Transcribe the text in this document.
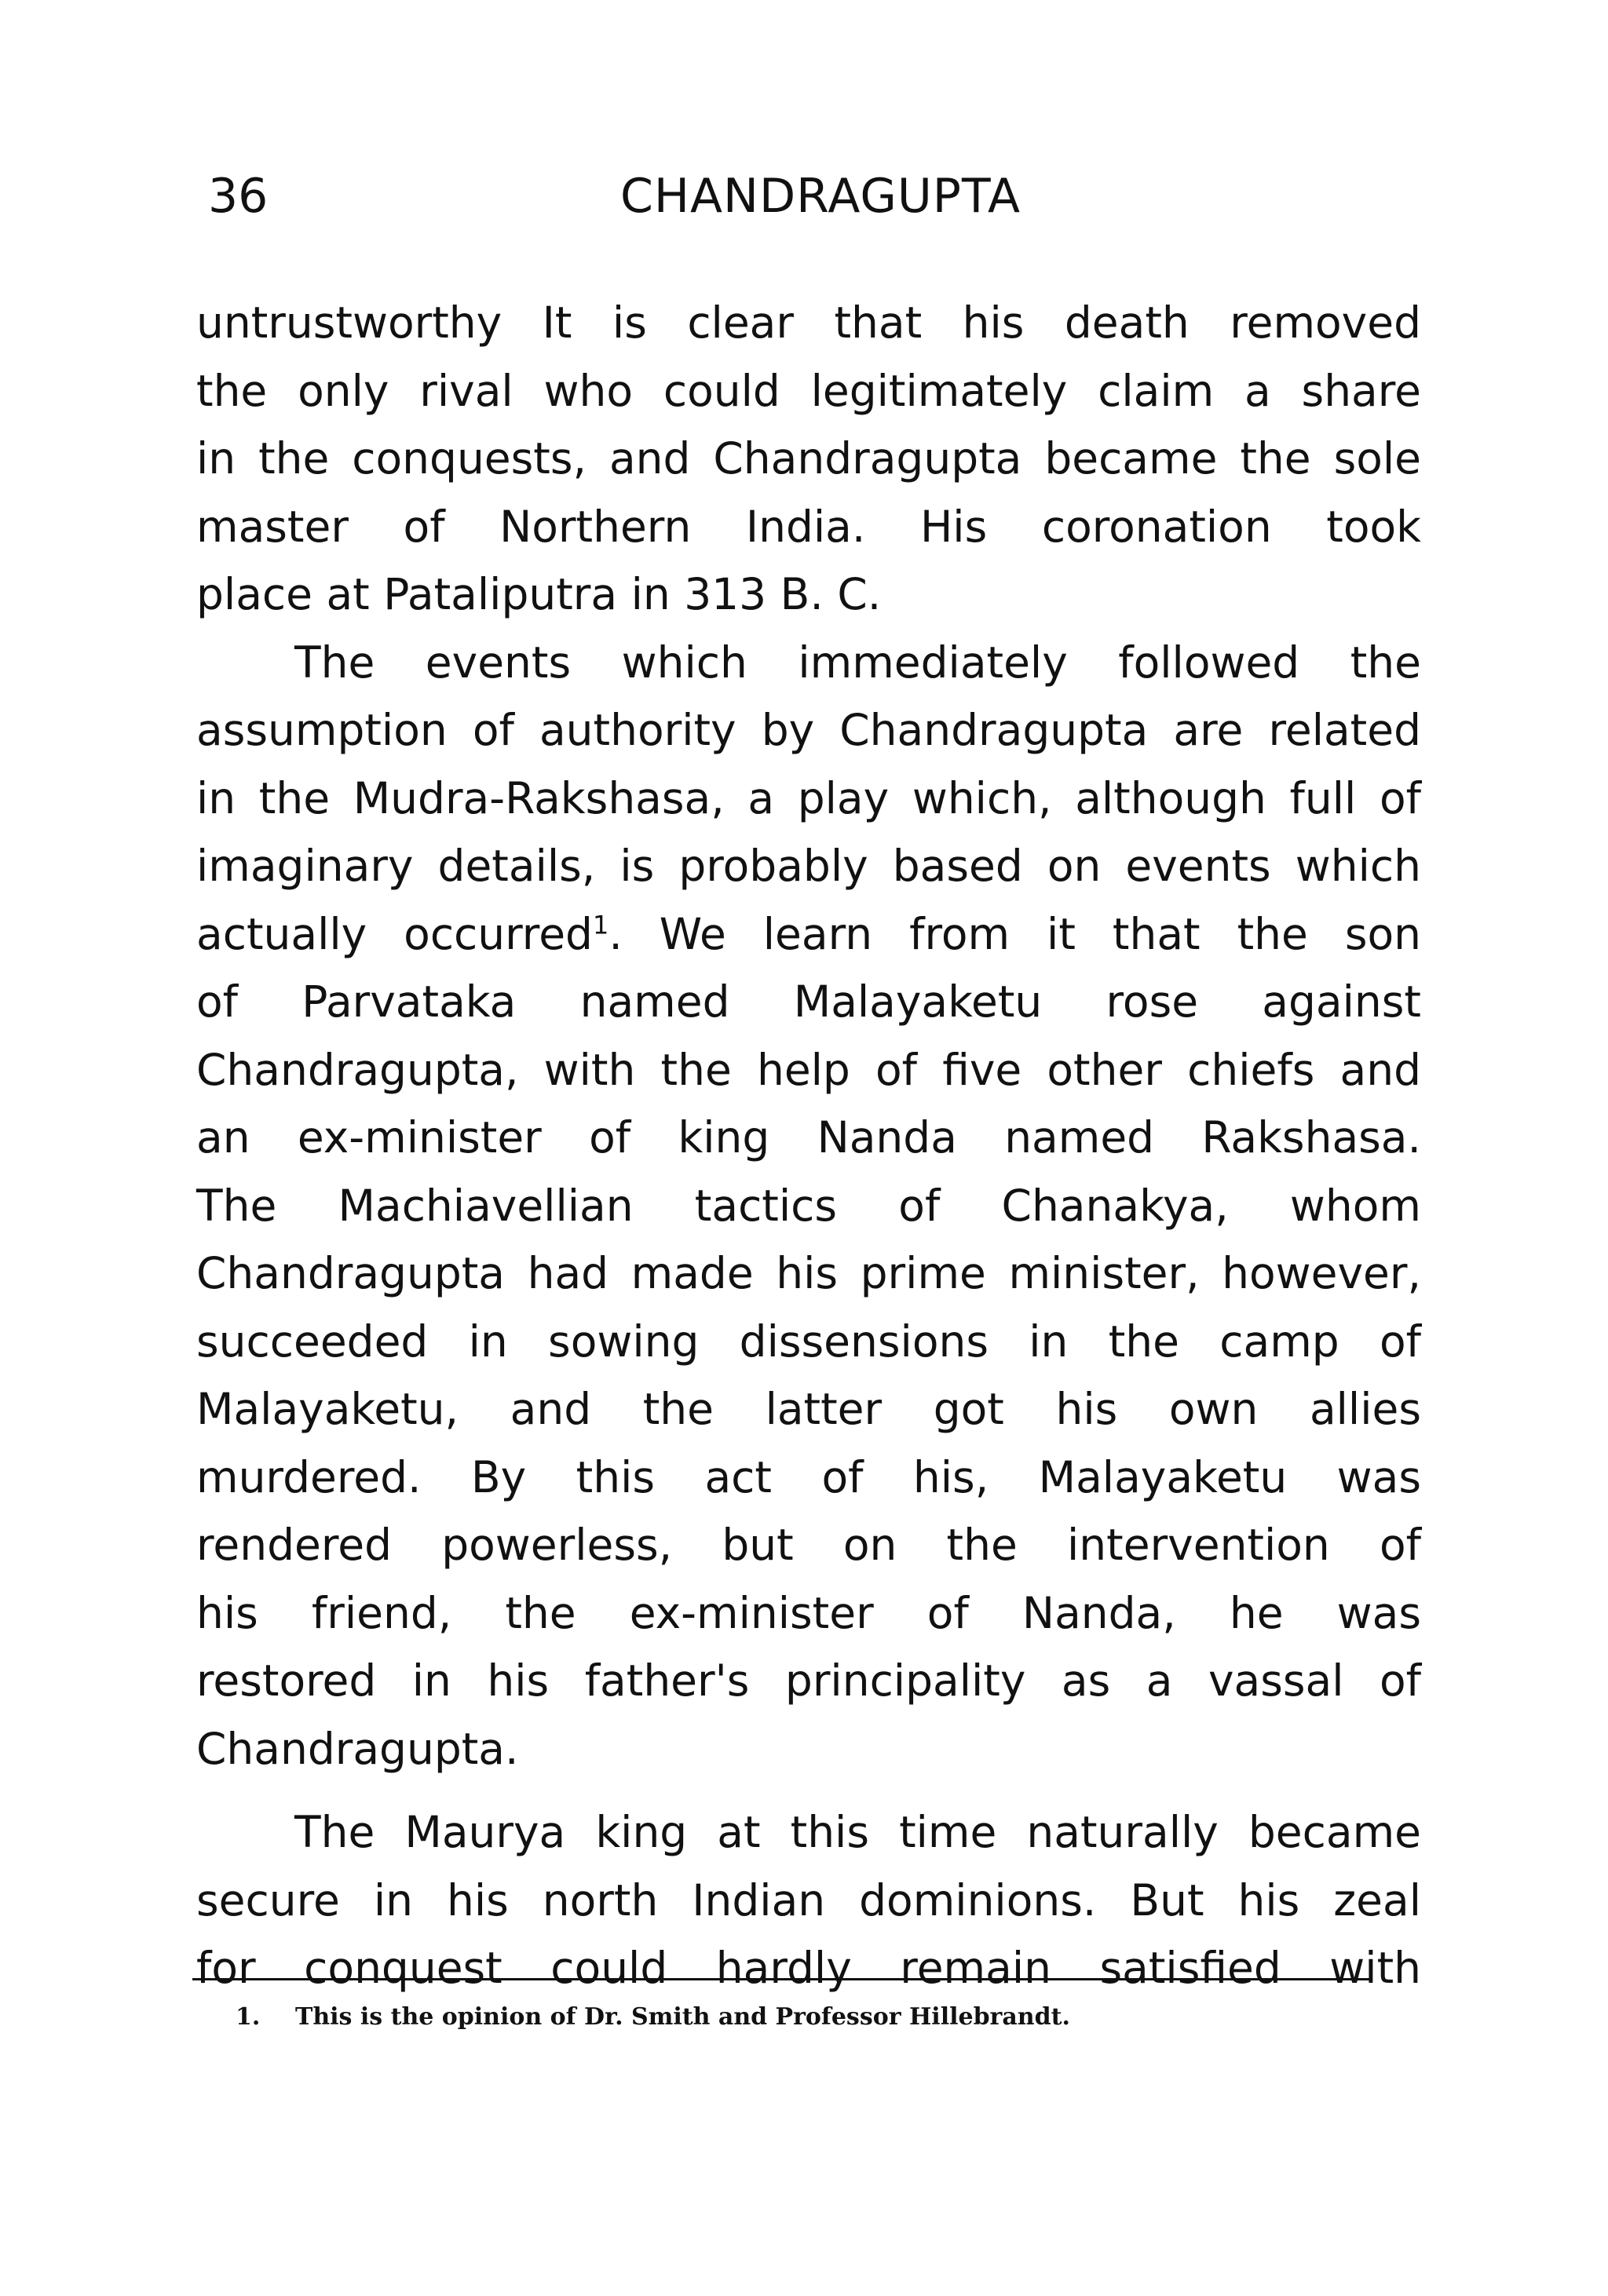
36	CHANDRAGUPTA
untrustworthy It is clear that his death removed
the only rival who could legitimately claim a share
in the conquests, and Chandragupta became the sole
master of Northern India. His coronation took
place at Pataliputra in 313 B. C.
The events which immediately followed the
assumption of authority by Chandragupta are related
in the Mudra-Rakshasa, a play which, although full of
imaginary details, is probably based on events which
actually occurred$^1$. We learn from it that the son
of Parvataka named Malayaketu rose against
Chandragupta, with the help of five other chiefs and
an ex-minister of king Nanda named Rakshasa.
The Machiavellian tactics of Chanakya, whom
Chandragupta had made his prime minister, however,
succeeded in sowing dissensions in the camp of
Malayaketu, and the latter got his own allies
murdered. By this act of his, Malayaketu was
rendered powerless, but on the intervention of
his friend, the ex-minister of Nanda, he was
restored in his father's principality as a vassal of
Chandragupta.
The Maurya king at this time naturally became
secure in his north Indian dominions. But his zeal
for conquest could hardly remain satisfied with
1. This is the opinion of Dr. Smith and Professor Hillebrandt.
